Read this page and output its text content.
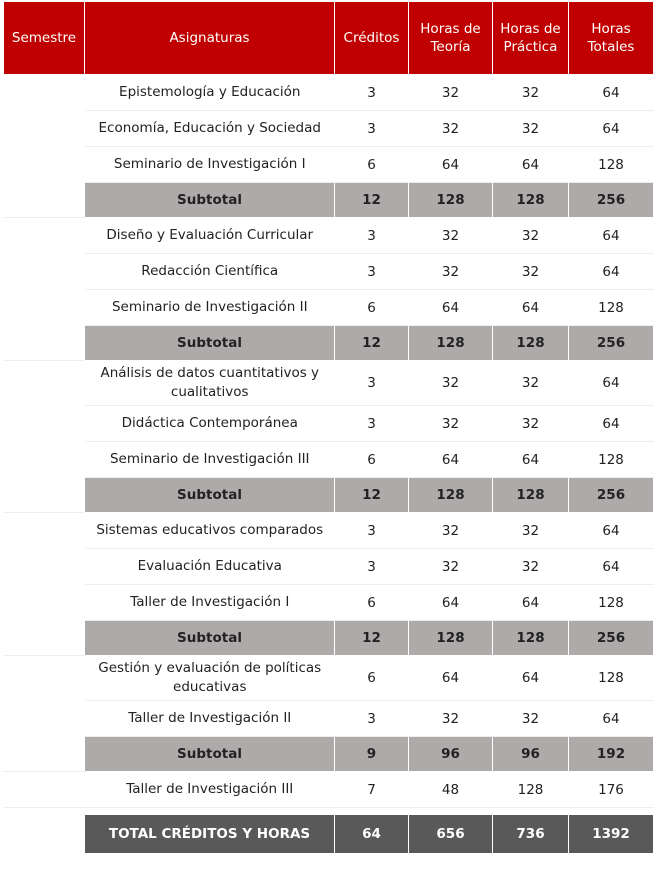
Semestre	Asignaturas	Créditos	Horas de Teoría	Horas de Práctica	Horas Totales
I	Epistemología y Educación	3	32	32	64
	Economía, Educación y Sociedad	3	32	32	64
	Seminario de Investigación I	6	64	64	128
	Subtotal	12	128	128	256
II	Diseño y Evaluación Curricular	3	32	32	64
	Redacción Científica	3	32	32	64
	Seminario de Investigación II	6	64	64	128
	Subtotal	12	128	128	256
III	Análisis de datos cuantitativos y cualitativos	3	32	32	64
	Didáctica Contemporánea	3	32	32	64
	Seminario de Investigación III	6	64	64	128
	Subtotal	12	128	128	256
IV	Sistemas educativos comparados	3	32	32	64
	Evaluación Educativa	3	32	32	64
	Taller de Investigación I	6	64	64	128
	Subtotal	12	128	128	256
V	Gestión y evaluación de políticas educativas	6	64	64	128
	Taller de Investigación II	3	32	32	64
	Subtotal	9	96	96	192
VI	Taller de Investigación III	7	48	128	176

	TOTAL CRÉDITOS Y HORAS	64	656	736	1392
